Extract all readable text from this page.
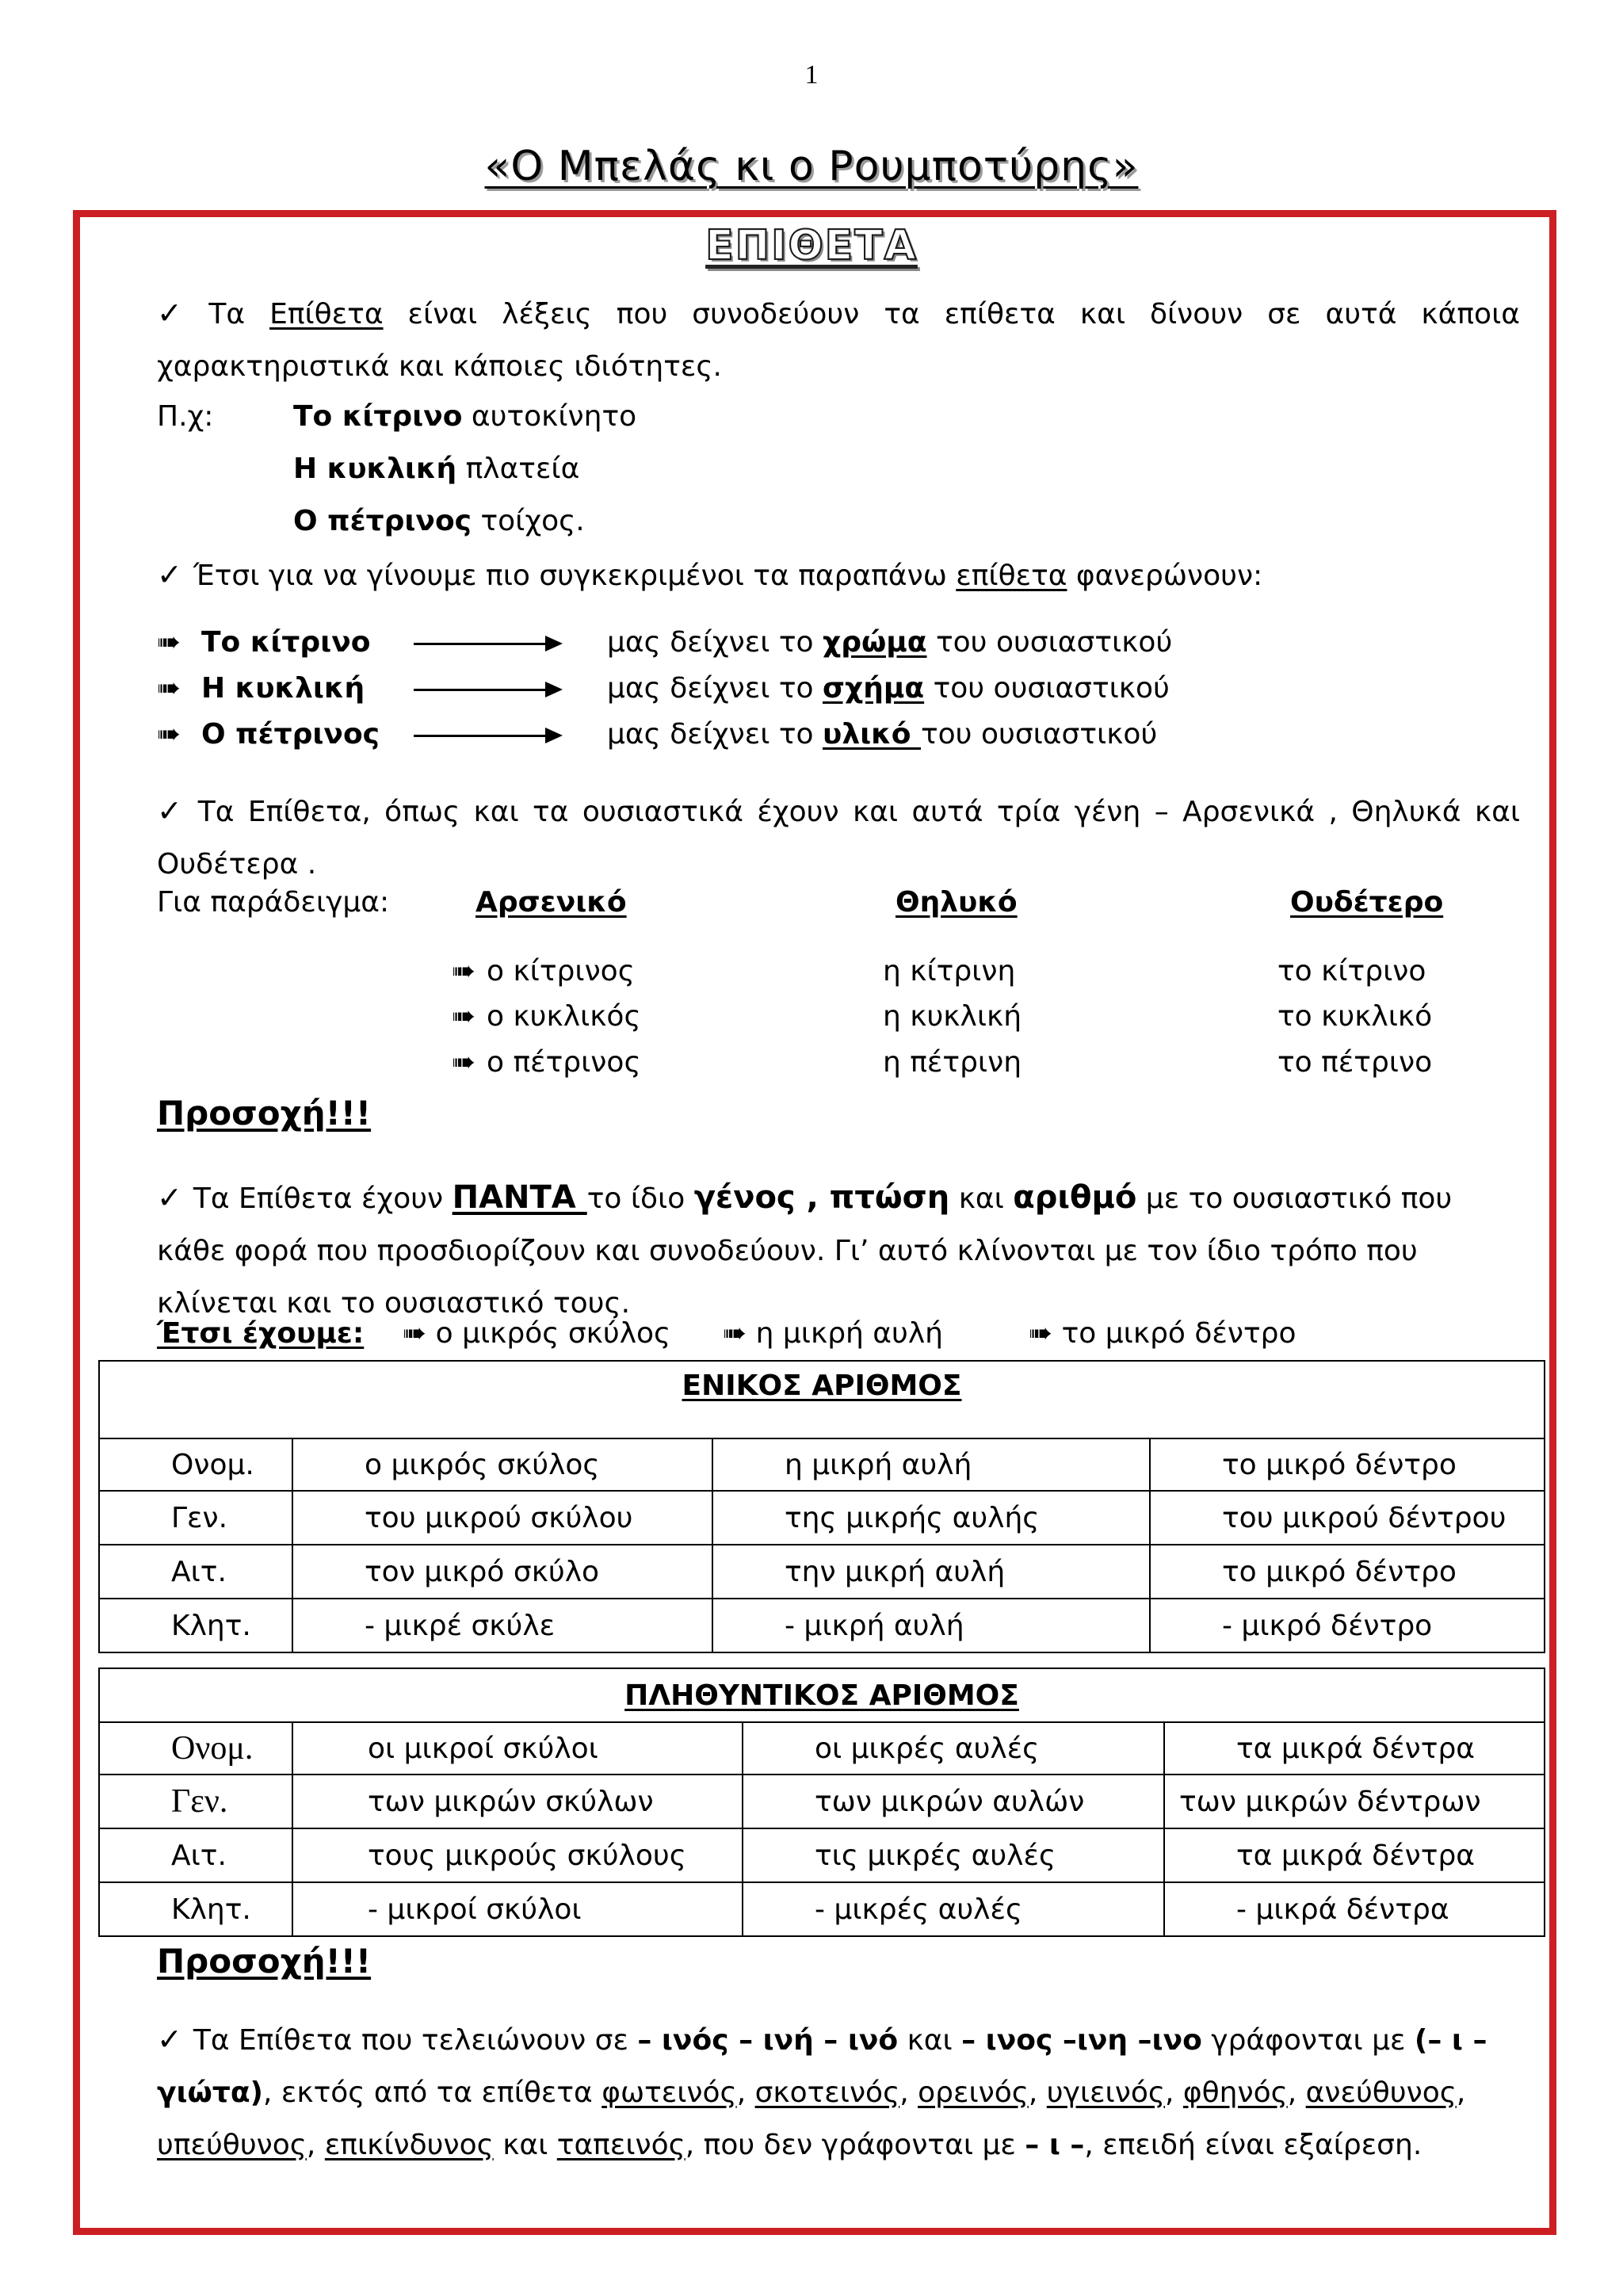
1
«Ο Μπελάς κι ο Ρουμποτύρης»
ΕΠΙΘΕΤΑ
✓ Τα Επίθετα είναι λέξεις που συνοδεύουν τα επίθετα και δίνουν σε αυτά κάποια χαρακτηριστικά και κάποιες ιδιότητες.
Π.χ:	Το κίτρινο αυτοκίνητο
Η κυκλική πλατεία
Ο πέτρινος τοίχος.
✓ Έτσι για να γίνουμε πιο συγκεκριμένοι τα παραπάνω επίθετα φανερώνουν:
➠ Το κίτρινο	μας δείχνει το χρώμα του ουσιαστικού
➠ Η κυκλική	μας δείχνει το σχήμα του ουσιαστικού
➠ Ο πέτρινος	μας δείχνει το υλικό του ουσιαστικού
✓ Τα Επίθετα, όπως και τα ουσιαστικά έχουν και αυτά τρία γένη – Αρσενικά , Θηλυκά και Ουδέτερα .
Για παράδειγμα:	Αρσενικό	Θηλυκό	Ουδέτερο
➠ ο κίτρινος	η κίτρινη	το κίτρινο
➠ ο κυκλικός	η κυκλική	το κυκλικό
➠ ο πέτρινος	η πέτρινη	το πέτρινο
Προσοχή!!!
✓ Τα Επίθετα έχουν ΠΑΝΤΑ το ίδιο γένος , πτώση και αριθμό με το ουσιαστικό που κάθε φορά που προσδιορίζουν και συνοδεύουν. Γι’ αυτό κλίνονται με τον ίδιο τρόπο που κλίνεται και το ουσιαστικό τους.
Έτσι έχουμε: ➠ ο μικρός σκύλος ➠ η μικρή αυλή	➠ το μικρό δέντρο
ΕΝΙΚΟΣ ΑΡΙΘΜΟΣ			
Ονομ.	ο μικρός σκύλος	η μικρή αυλή	το μικρό δέντρο
Γεν.	του μικρού σκύλου	της μικρής αυλής	του μικρού δέντρου
Αιτ.	τον μικρό σκύλο	την μικρή αυλή	το μικρό δέντρο
Κλητ.	- μικρέ σκύλε	- μικρή αυλή	- μικρό δέντρο
ΠΛΗΘΥΝΤΙΚΟΣ ΑΡΙΘΜΟΣ			
Ονομ.	οι μικροί σκύλοι	οι μικρές αυλές	τα μικρά δέντρα
Γεν.	των μικρών σκύλων	των μικρών αυλών	των μικρών δέντρων
Αιτ.	τους μικρούς σκύλους	τις μικρές αυλές	τα μικρά δέντρα
Κλητ.	- μικροί σκύλοι	- μικρές αυλές	- μικρά δέντρα
Προσοχή!!!
✓ Τα Επίθετα που τελειώνουν σε – ινός – ινή – ινό και – ινος –ινη –ινο γράφονται με (– ι – γιώτα), εκτός από τα επίθετα φωτεινός, σκοτεινός, ορεινός, υγιεινός, φθηνός, ανεύθυνος, υπεύθυνος, επικίνδυνος και ταπεινός, που δεν γράφονται με – ι –, επειδή είναι εξαίρεση.
